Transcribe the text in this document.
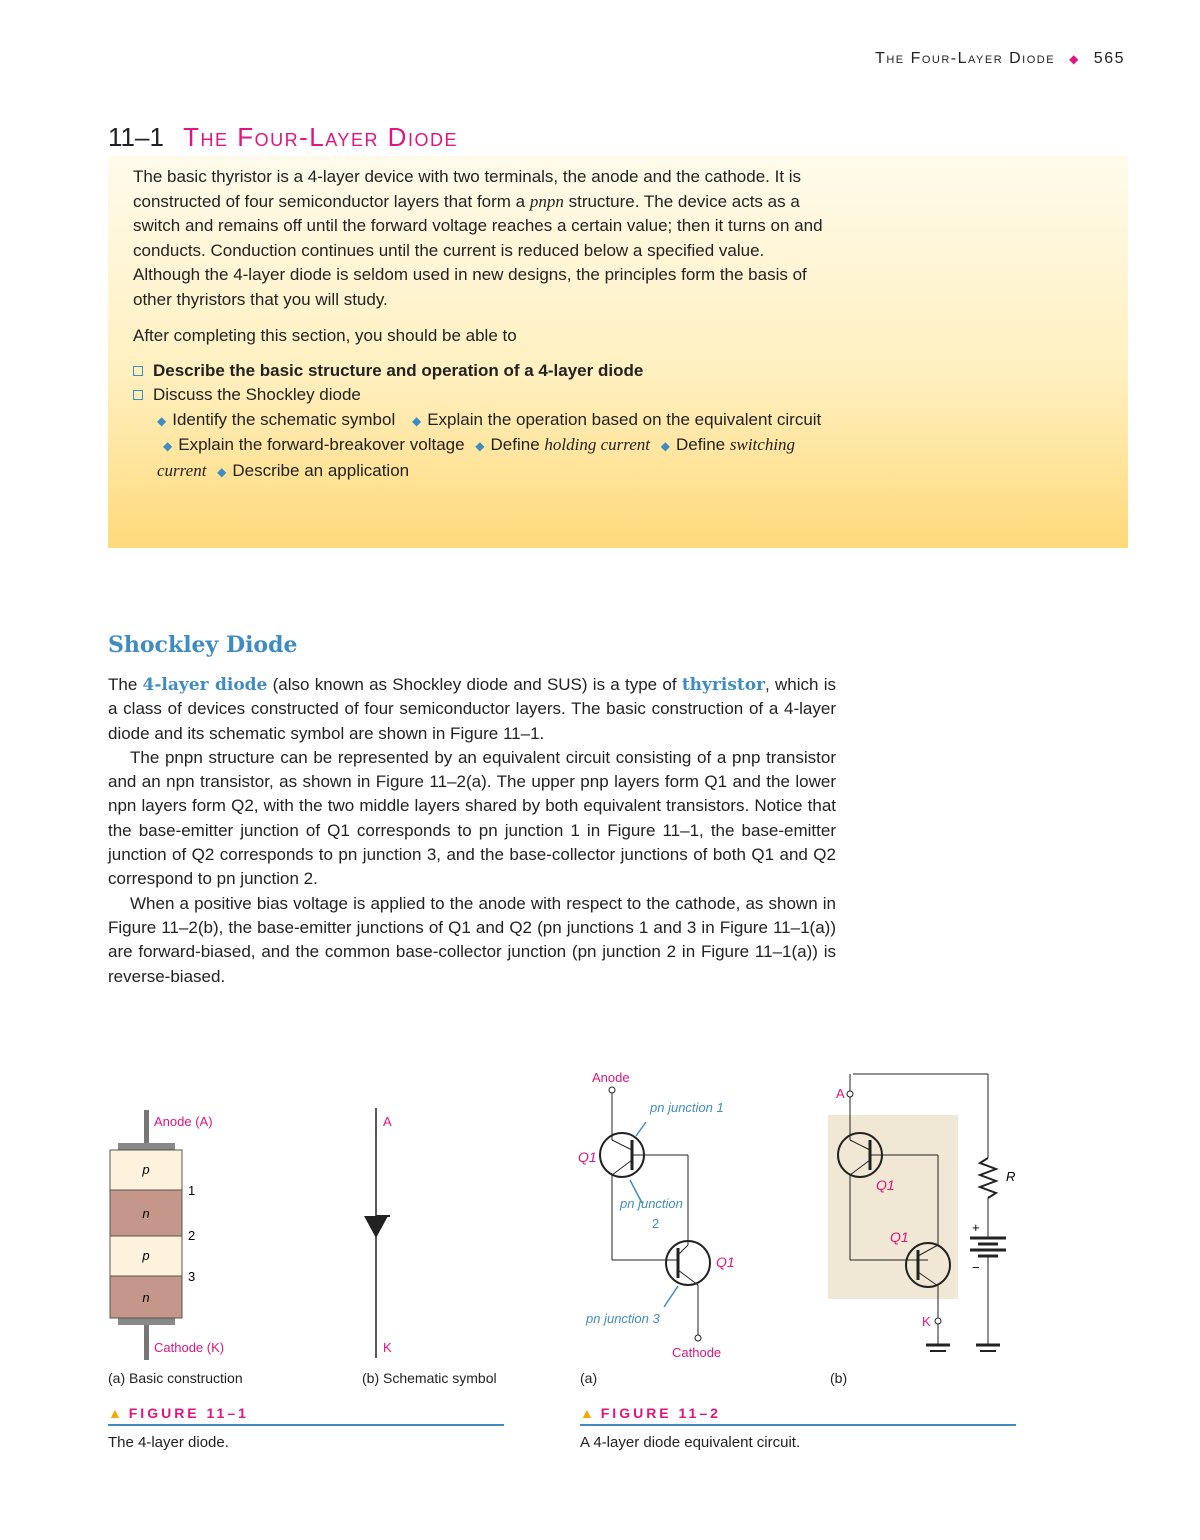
The Four-Layer Diode ◆ 565
11–1 The Four-Layer Diode

The basic thyristor is a 4-layer device with two terminals, the anode and the cathode. It is constructed of four semiconductor layers that form a pnpn structure. The device acts as a switch and remains off until the forward voltage reaches a certain value; then it turns on and conducts. Conduction continues until the current is reduced below a specified value. Although the 4-layer diode is seldom used in new designs, the principles form the basis of other thyristors that you will study.

After completing this section, you should be able to

Describe the basic structure and operation of a 4-layer diode
Discuss the Shockley diode
◆ Identify the schematic symbol ◆ Explain the operation based on the equivalent circuit ◆ Explain the forward-breakover voltage ◆ Define holding current ◆ Define switching current ◆ Describe an application
Shockley Diode

The 4-layer diode (also known as Shockley diode and SUS) is a type of thyristor, which is a class of devices constructed of four semiconductor layers. The basic construction of a 4-layer diode and its schematic symbol are shown in Figure 11–1.

The pnpn structure can be represented by an equivalent circuit consisting of a pnp transistor and an npn transistor, as shown in Figure 11–2(a). The upper pnp layers form Q1 and the lower npn layers form Q2, with the two middle layers shared by both equivalent transistors. Notice that the base-emitter junction of Q1 corresponds to pn junction 1 in Figure 11–1, the base-emitter junction of Q2 corresponds to pn junction 3, and the base-collector junctions of both Q1 and Q2 correspond to pn junction 2.

When a positive bias voltage is applied to the anode with respect to the cathode, as shown in Figure 11–2(b), the base-emitter junctions of Q1 and Q2 (pn junctions 1 and 3 in Figure 11–1(a)) are forward-biased, and the common base-collector junction (pn junction 2 in Figure 11–1(a)) is reverse-biased.

p
n
p
n
1
2
3
Anode (A)
Cathode (K)
A
K
(a) Basic construction	(b) Schematic symbol
▲ FIGURE 11–1
The 4-layer diode.
Anode
pn junction 1
Q1
pn junction
2
Q1
pn junction 3
Cathode
A
Q1
Q1
K
R
+
−
(a)	(b)
▲ FIGURE 11–2
A 4-layer diode equivalent circuit.
